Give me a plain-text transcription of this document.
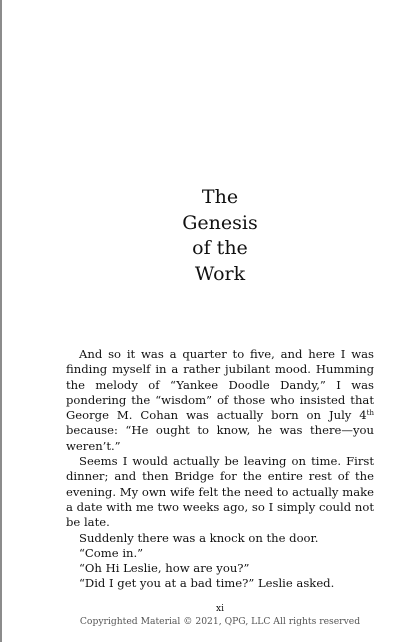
The
Genesis
of the
Work

And so it was a quarter to five, and here I was finding myself in a rather jubilant mood. Humming the melody of “Yankee Doodle Dandy,” I was pondering the “wisdom” of those who insisted that George M. Cohan was actually born on July 4th because: “He ought to know, he was there—you weren’t.”

Seems I would actually be leaving on time. First dinner; and then Bridge for the entire rest of the evening. My own wife felt the need to actually make a date with me two weeks ago, so I simply could not be late.

Suddenly there was a knock on the door.

“Come in.”

“Oh Hi Leslie, how are you?”

“Did I get you at a bad time?” Leslie asked.

xi
Copyrighted Material © 2021, QPG, LLC All rights reserved
